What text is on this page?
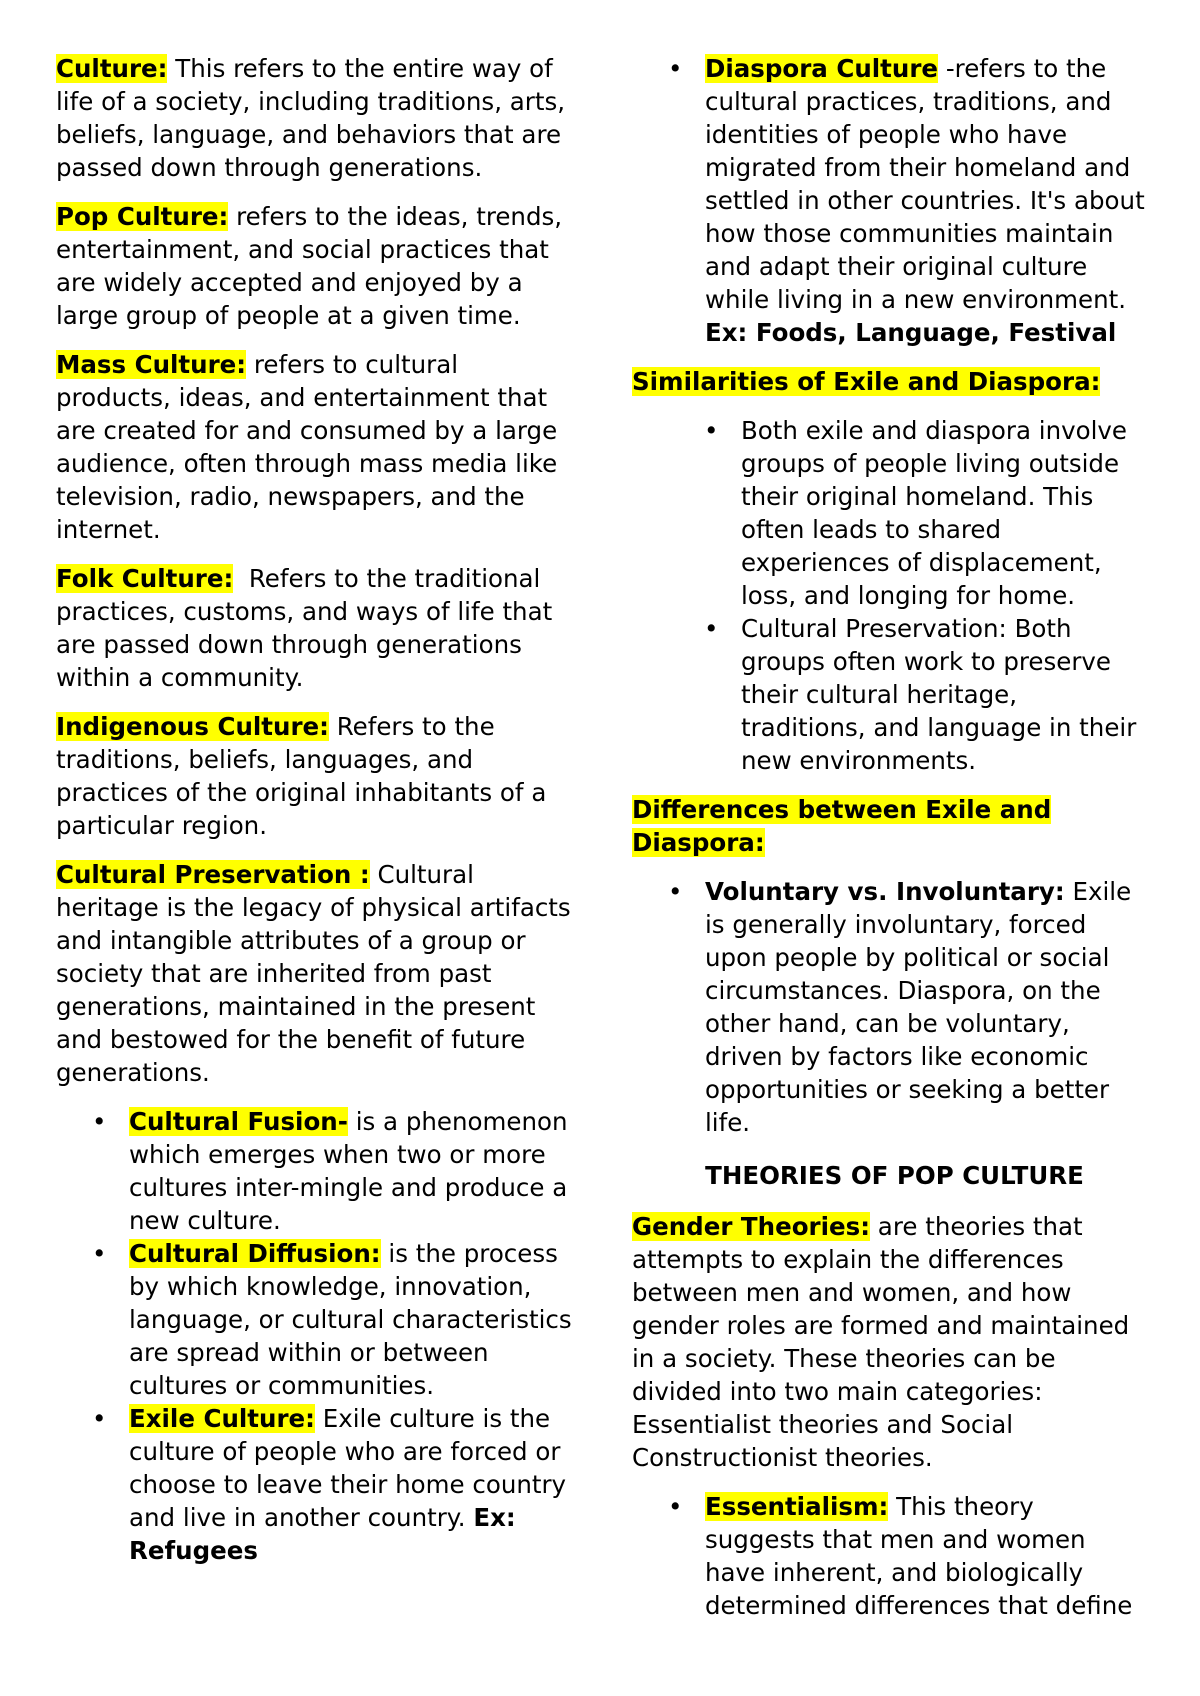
Culture: This refers to the entire way of life of a society, including traditions, arts, beliefs, language, and behaviors that are passed down through generations.

Pop Culture: refers to the ideas, trends, entertainment, and social practices that are widely accepted and enjoyed by a large group of people at a given time.

Mass Culture: refers to cultural products, ideas, and entertainment that are created for and consumed by a large audience, often through mass media like television, radio, newspapers, and the internet.

Folk Culture:  Refers to the traditional practices, customs, and ways of life that are passed down through generations within a community.

Indigenous Culture: Refers to the traditions, beliefs, languages, and practices of the original inhabitants of a particular region.

Cultural Preservation : Cultural heritage is the legacy of physical artifacts and intangible attributes of a group or society that are inherited from past generations, maintained in the present and bestowed for the benefit of future generations.

• Cultural Fusion- is a phenomenon which emerges when two or more cultures inter-mingle and produce a new culture.
• Cultural Diffusion: is the process by which knowledge, innovation, language, or cultural characteristics are spread within or between cultures or communities.
• Exile Culture: Exile culture is the culture of people who are forced or choose to leave their home country and live in another country. Ex: Refugees
• Diaspora Culture -refers to the cultural practices, traditions, and identities of people who have migrated from their homeland and settled in other countries. It's about how those communities maintain and adapt their original culture while living in a new environment. Ex: Foods, Language, Festival

Similarities of Exile and Diaspora:

• Both exile and diaspora involve groups of people living outside their original homeland. This often leads to shared experiences of displacement, loss, and longing for home.
• Cultural Preservation: Both groups often work to preserve their cultural heritage, traditions, and language in their new environments.

Differences between Exile and Diaspora:

• Voluntary vs. Involuntary: Exile is generally involuntary, forced upon people by political or social circumstances. Diaspora, on the other hand, can be voluntary, driven by factors like economic opportunities or seeking a better life.
THEORIES OF POP CULTURE

Gender Theories: are theories that attempts to explain the differences between men and women, and how gender roles are formed and maintained in a society. These theories can be divided into two main categories: Essentialist theories and Social Constructionist theories.

• Essentialism: This theory suggests that men and women have inherent, and biologically determined differences that define
